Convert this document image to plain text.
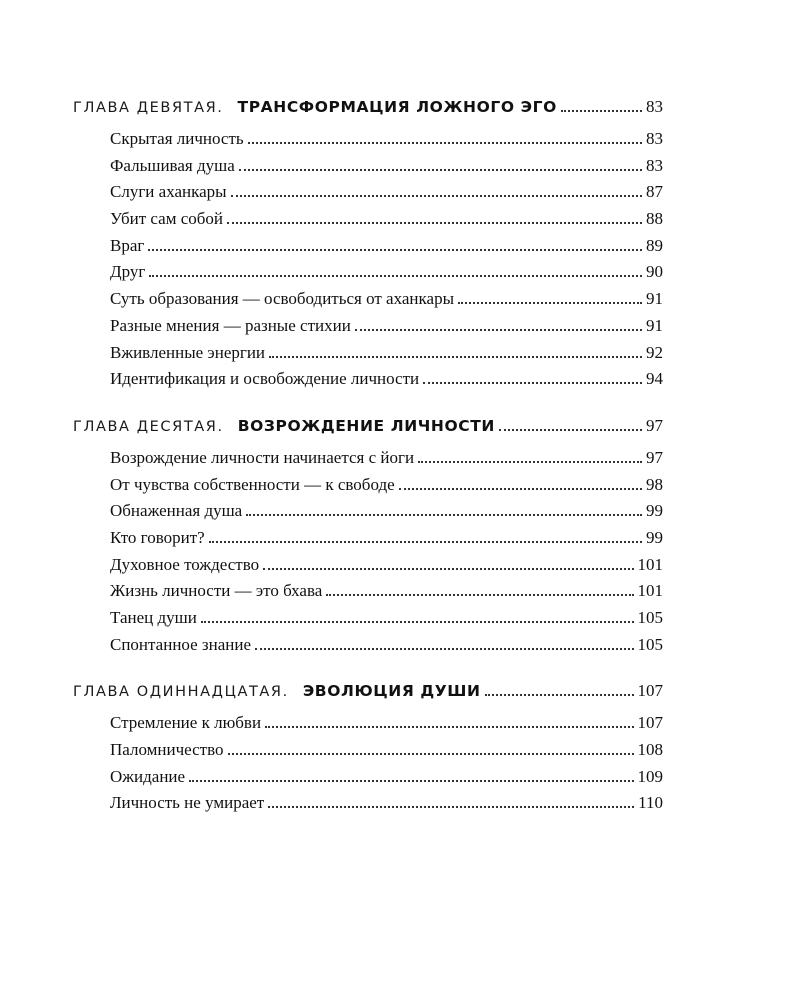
ГЛАВА ДЕВЯТАЯ. ТРАНСФОРМАЦИЯ ЛОЖНОГО ЭГО	83
Скрытая личность	83
Фальшивая душа	83
Слуги аханкары	87
Убит сам собой	88
Враг	89
Друг	90
Суть образования — освободиться от аханкары	91
Разные мнения — разные стихии	91
Вживленные энергии	92
Идентификация и освобождение личности	94
ГЛАВА ДЕСЯТАЯ. ВОЗРОЖДЕНИЕ ЛИЧНОСТИ	97
Возрождение личности начинается с йоги	97
От чувства собственности — к свободе	98
Обнаженная душа	99
Кто говорит?	99
Духовное тождество	101
Жизнь личности — это бхава	101
Танец души	105
Спонтанное знание	105
ГЛАВА ОДИННАДЦАТАЯ. ЭВОЛЮЦИЯ ДУШИ	107
Стремление к любви	107
Паломничество	108
Ожидание	109
Личность не умирает	110
